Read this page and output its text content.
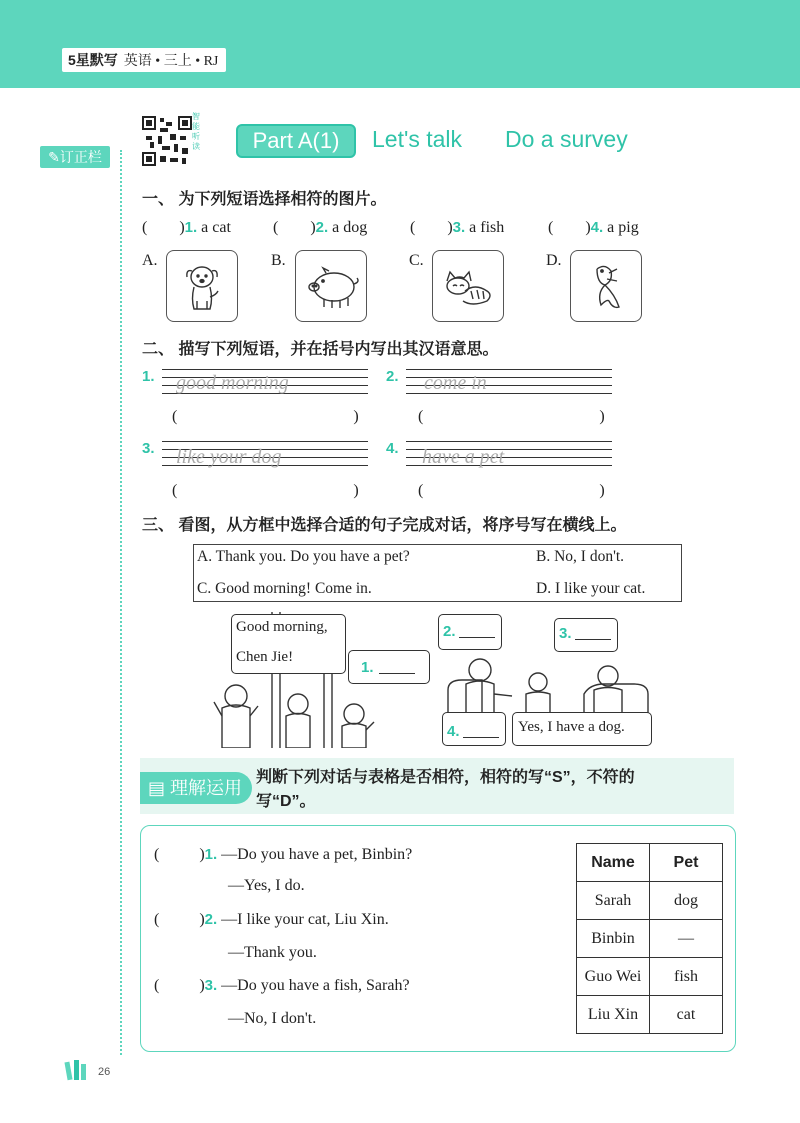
5星默写 英语 • 三上 • RJ
✎订正栏
智能听读	Part A(1)	Let's talk Do a survey
一、 为下列短语选择相符的图片。
( )1. a cat	( )2. a dog	( )3. a fish	( )4. a pig
A.	B.	C.	D.
二、 描写下列短语，并在括号内写出其汉语意思。
1. good morning
(	)
2. come in
(	)
3. like your dog
(	)
4. have a pet
(	)
三、 看图，从方框中选择合适的句子完成对话，将序号写在横线上。
A. Thank you. Do you have a pet?	B. No, I don't.
C. Good morning! Come in.	D. I like your cat.
Good morning,
Chen Jie!
1.
2.	3.
4.	Yes, I have a dog.
▤ 理解运用
判断下列对话与表格是否相符，相符的写“S”，不符的
写“D”。
(	)1. —Do you have a pet, Binbin?
—Yes, I do.
(	)2. —I like your cat, Liu Xin.
—Thank you.
(	)3. —Do you have a fish, Sarah?
—No, I don't.
Name	Pet
Sarah	dog
Binbin	—
Guo Wei	fish
Liu Xin	cat
26
